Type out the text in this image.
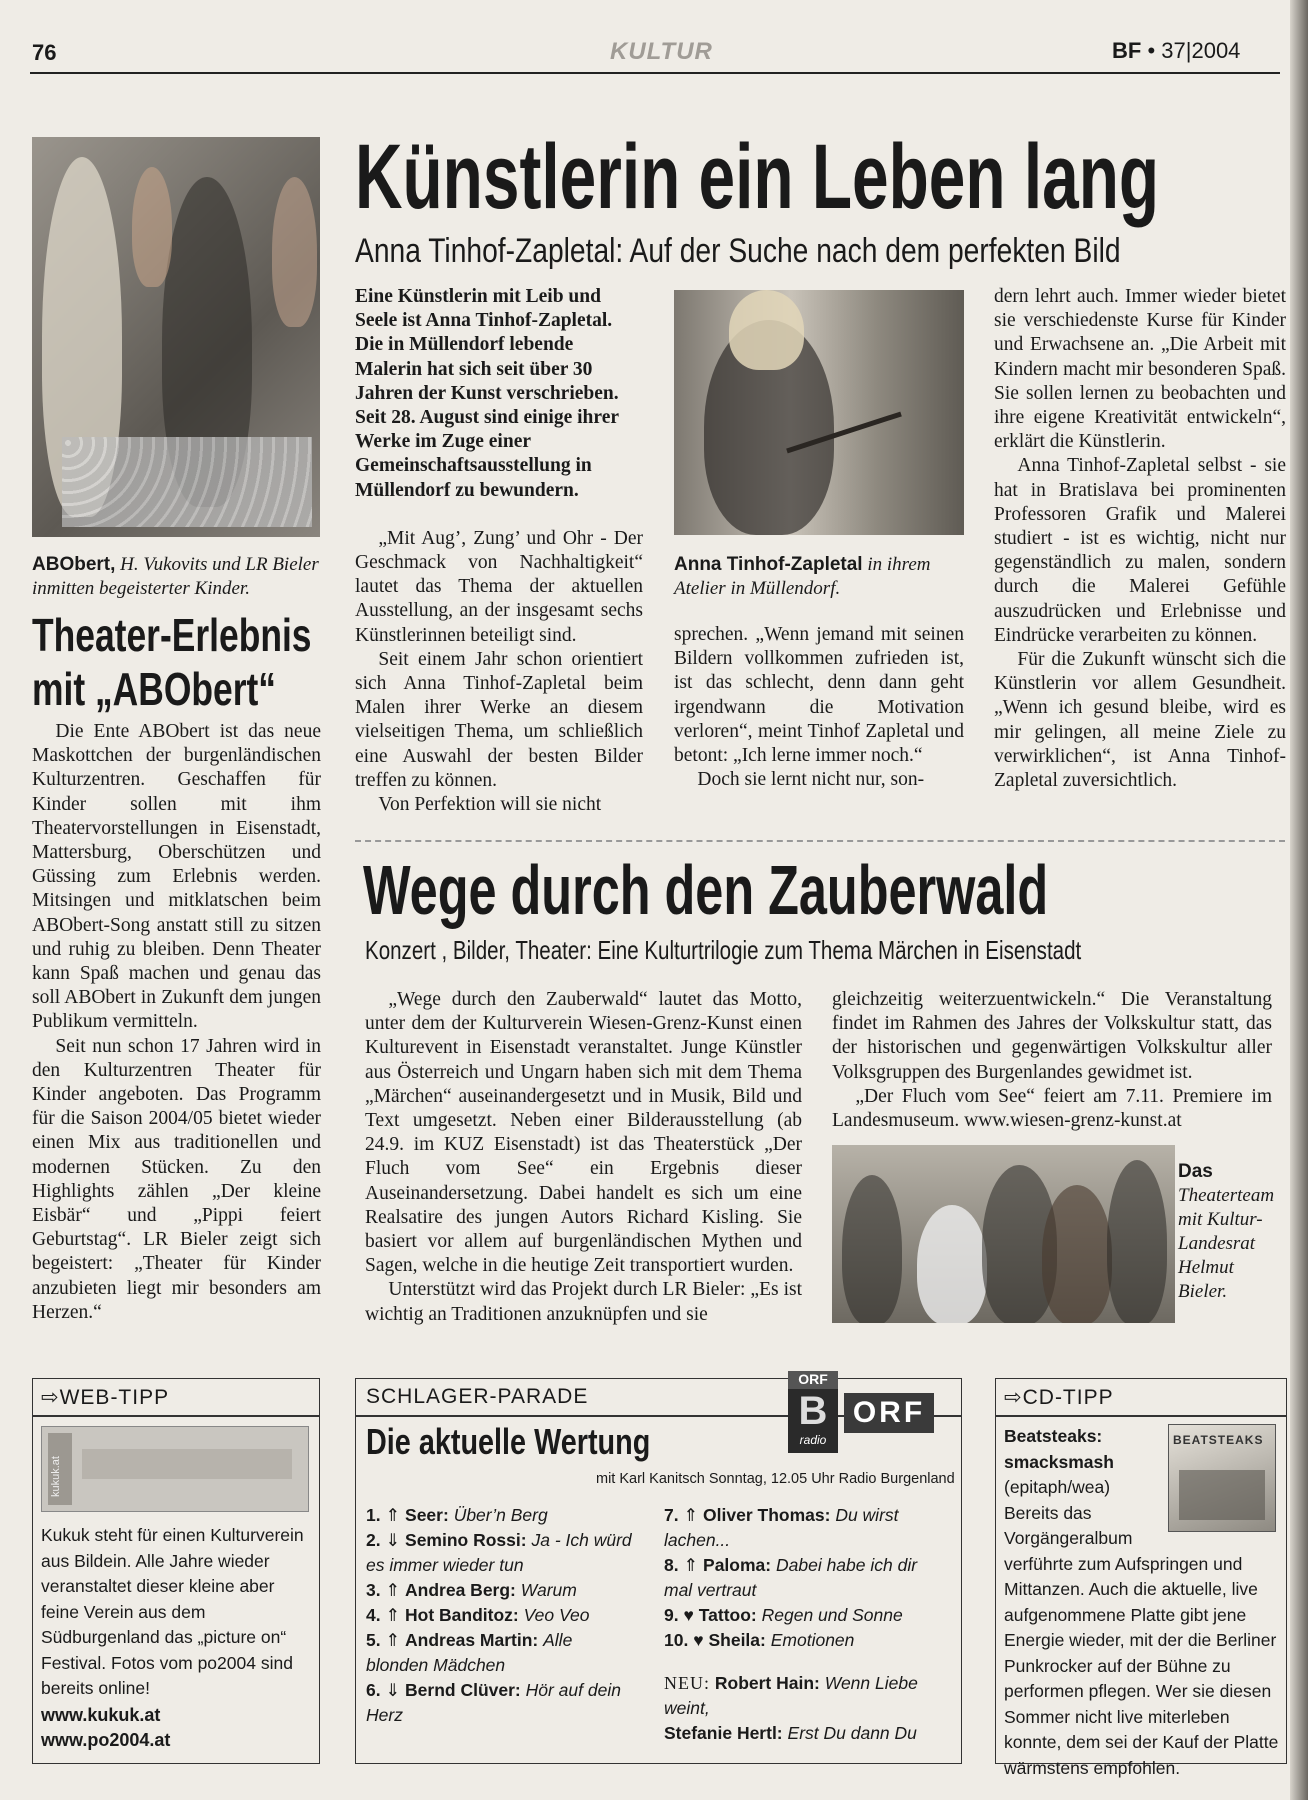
76	KULTUR	BF • 37|2004
ABObert, H. Vukovits und LR Bieler inmitten begeisterter Kinder.
Theater-Erlebnis
mit „ABObert“

Die Ente ABObert ist das neue Maskottchen der burgenländischen Kulturzentren. Geschaffen für Kinder sollen mit ihm Theatervorstellungen in Eisenstadt, Mattersburg, Oberschützen und Güssing zum Erlebnis werden. Mitsingen und mitklatschen beim ABObert-Song anstatt still zu sitzen und ruhig zu bleiben. Denn Theater kann Spaß machen und genau das soll ABObert in Zukunft dem jungen Publikum vermitteln.

Seit nun schon 17 Jahren wird in den Kulturzentren Theater für Kinder angeboten. Das Programm für die Saison 2004/05 bietet wieder einen Mix aus traditionellen und modernen Stücken. Zu den Highlights zählen „Der kleine Eisbär“ und „Pippi feiert Geburtstag“. LR Bieler zeigt sich begeistert: „Theater für Kinder anzubieten liegt mir besonders am Herzen.“

Künstlerin ein Leben lang
Anna Tinhof-Zapletal: Auf der Suche nach dem perfekten Bild

Eine Künstlerin mit Leib und Seele ist Anna Tinhof-Zapletal. Die in Müllendorf lebende Malerin hat sich seit über 30 Jahren der Kunst verschrieben. Seit 28. August sind einige ihrer Werke im Zuge einer Gemeinschaftsausstellung in Müllendorf zu bewundern.

„Mit Aug’, Zung’ und Ohr - Der Geschmack von Nachhaltigkeit“ lautet das Thema der aktuellen Ausstellung, an der insgesamt sechs Künstlerinnen beteiligt sind.

Seit einem Jahr schon orientiert sich Anna Tinhof-Zapletal beim Malen ihrer Werke an diesem vielseitigen Thema, um schließlich eine Auswahl der besten Bilder treffen zu können.

Von Perfektion will sie nicht

Anna Tinhof-Zapletal in ihrem Atelier in Müllendorf.

sprechen. „Wenn jemand mit seinen Bildern vollkommen zufrieden ist, ist das schlecht, denn dann geht irgendwann die Motivation verloren“, meint Tinhof Zapletal und betont: „Ich lerne immer noch.“

Doch sie lernt nicht nur, son-

dern lehrt auch. Immer wieder bietet sie verschiedenste Kurse für Kinder und Erwachsene an. „Die Arbeit mit Kindern macht mir besonderen Spaß. Sie sollen lernen zu beobachten und ihre eigene Kreativität entwickeln“, erklärt die Künstlerin.

Anna Tinhof-Zapletal selbst - sie hat in Bratislava bei prominenten Professoren Grafik und Malerei studiert - ist es wichtig, nicht nur gegenständlich zu malen, sondern durch die Malerei Gefühle auszudrücken und Erlebnisse und Eindrücke verarbeiten zu können.

Für die Zukunft wünscht sich die Künstlerin vor allem Gesundheit. „Wenn ich gesund bleibe, wird es mir gelingen, all meine Ziele zu verwirklichen“, ist Anna Tinhof-Zapletal zuversichtlich.

Wege durch den Zauberwald
Konzert , Bilder, Theater: Eine Kulturtrilogie zum Thema Märchen in Eisenstadt

„Wege durch den Zauberwald“ lautet das Motto, unter dem der Kulturverein Wiesen-Grenz-Kunst einen Kulturevent in Eisenstadt veranstaltet. Junge Künstler aus Österreich und Ungarn haben sich mit dem Thema „Märchen“ auseinandergesetzt und in Musik, Bild und Text umgesetzt. Neben einer Bilderausstellung (ab 24.9. im KUZ Eisenstadt) ist das Theaterstück „Der Fluch vom See“ ein Ergebnis dieser Auseinandersetzung. Dabei handelt es sich um eine Realsatire des jungen Autors Richard Kisling. Sie basiert vor allem auf burgenländischen Mythen und Sagen, welche in die heutige Zeit transportiert wurden.

Unterstützt wird das Projekt durch LR Bieler: „Es ist wichtig an Traditionen anzuknüpfen und sie

gleichzeitig weiterzuentwickeln.“ Die Veranstaltung findet im Rahmen des Jahres der Volkskultur statt, das der historischen und gegenwärtigen Volkskultur aller Volksgruppen des Burgenlandes gewidmet ist.

„Der Fluch vom See“ feiert am 7.11. Premiere im Landesmuseum. www.wiesen-grenz-kunst.at

Das Theaterteam mit Kultur-Landesrat Helmut Bieler.
⇨WEB-TIPP
kukuk.at
Kukuk steht für einen Kulturverein aus Bildein. Alle Jahre wieder veranstaltet dieser kleine aber feine Verein aus dem Südburgenland das „picture on“ Festival. Fotos vom po2004 sind bereits online!
www.kukuk.at
www.po2004.at
SCHLAGER-PARADE
Die aktuelle Wertung
ORF
B
radio
ORF
mit Karl Kanitsch Sonntag, 12.05 Uhr Radio Burgenland
1. ⇑ Seer: Über’n Berg
2. ⇓ Semino Rossi: Ja - Ich würd es immer wieder tun
3. ⇑ Andrea Berg: Warum
4. ⇑ Hot Banditoz: Veo Veo
5. ⇑ Andreas Martin: Alle blonden Mädchen
6. ⇓ Bernd Clüver: Hör auf dein Herz
7. ⇑ Oliver Thomas: Du wirst lachen...
8. ⇑ Paloma: Dabei habe ich dir mal vertraut
9. ♥ Tattoo: Regen und Sonne
10. ♥ Sheila: Emotionen
NEU: Robert Hain: Wenn Liebe weint,
Stefanie Hertl: Erst Du dann Du
⇨CD-TIPP
BEATSTEAKS
Beatsteaks:
smacksmash (epitaph/wea) Bereits das Vorgängeralbum verführte zum Aufspringen und Mittanzen. Auch die aktuelle, live aufgenommene Platte gibt jene Energie wieder, mit der die Berliner Punkrocker auf der Bühne zu performen pflegen. Wer sie diesen Sommer nicht live miterleben konnte, dem sei der Kauf der Platte wärmstens empfohlen.
